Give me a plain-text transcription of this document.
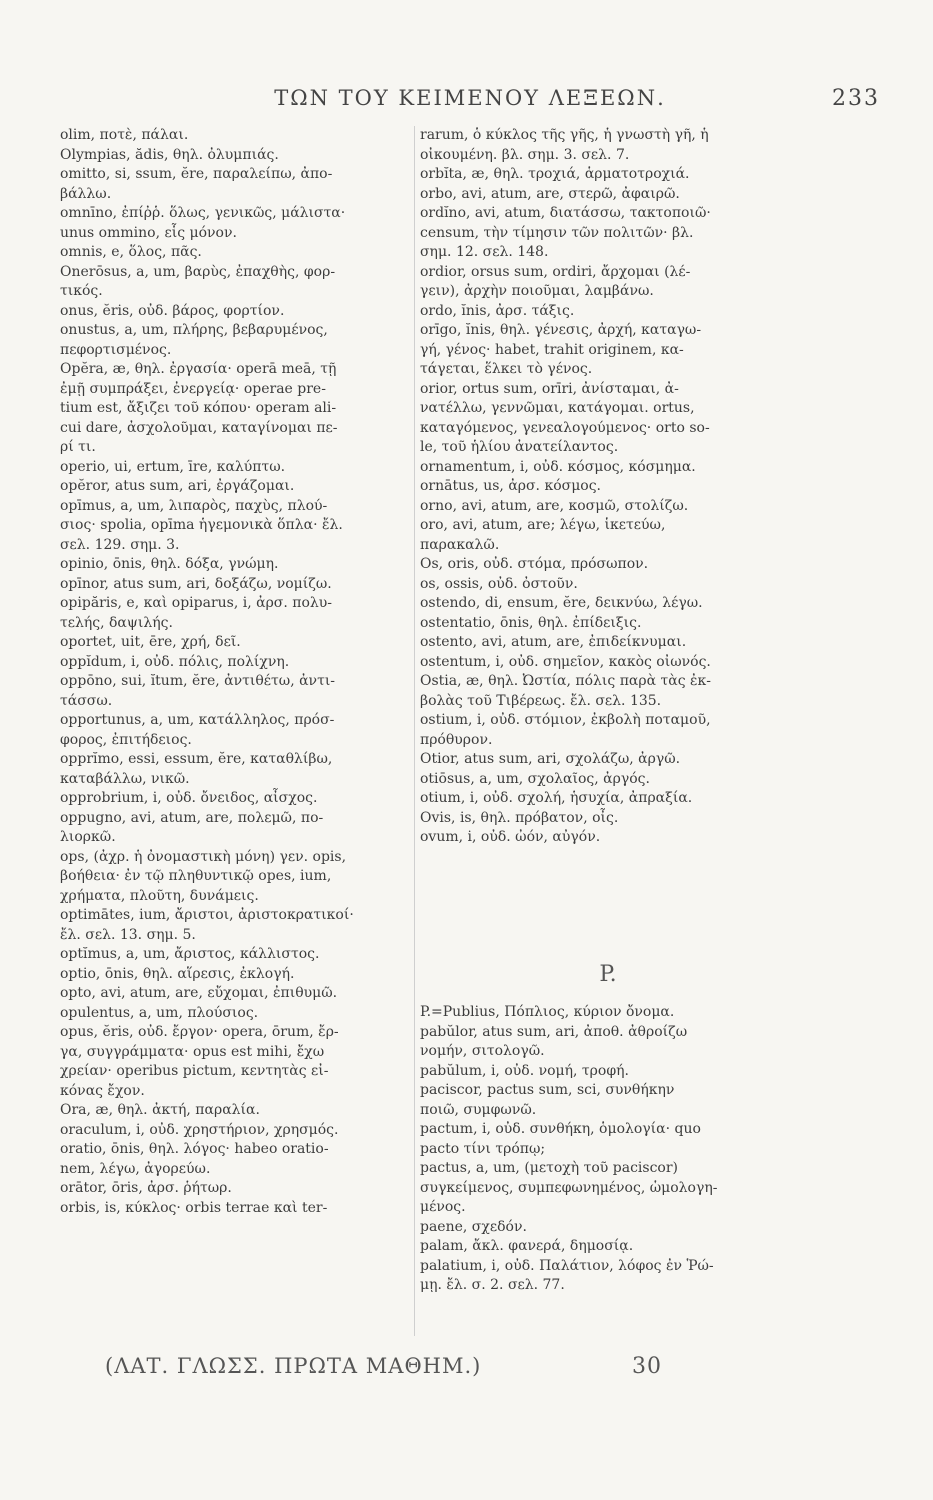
ΤΩΝ ΤΟΥ ΚΕΙΜΕΝΟΥ ΛΕΞΕΩΝ.	233
olim, ποτὲ, πάλαι.
Olympias, ădis, θηλ. ὀλυμπιάς.
omitto, si, ssum, ĕre, παραλείπω, ἀπο-
βάλλω.
omnīno, ἐπίῤῥ. ὅλως, γενικῶς, μάλιστα·
unus ommino, εἷς μόνον.
omnis, e, ὅλος, πᾶς.
Onerōsus, a, um, βαρὺς, ἐπαχθὴς, φορ-
τικός.
onus, ĕris, οὐδ. βάρος, φορτίον.
onustus, a, um, πλήρης, βεβαρυμένος,
πεφορτισμένος.
Opĕra, æ, θηλ. ἐργασία· operā meā, τῇ
ἐμῇ συμπράξει, ἐνεργείᾳ· operae pre-
tium est, ἄξιζει τοῦ κόπου· operam ali-
cui dare, ἀσχολοῦμαι, καταγίνομαι πε-
ρί τι.
operio, ui, ertum, īre, καλύπτω.
opĕror, atus sum, ari, ἐργάζομαι.
opīmus, a, um, λιπαρὸς, παχὺς, πλού-
σιος· spolia, opīma ἡγεμονικὰ ὅπλα· ἔλ.
σελ. 129. σημ. 3.
opinio, ōnis, θηλ. δόξα, γνώμη.
opīnor, atus sum, ari, δοξάζω, νομίζω.
opipăris, e, καὶ opiparus, i, ἀρσ. πολυ-
τελής, δαψιλής.
oportet, uit, ēre, χρή, δεῖ.
oppĭdum, i, οὐδ. πόλις, πολίχνη.
oppōno, sui, ĭtum, ĕre, ἀντιθέτω, ἀντι-
τάσσω.
opportunus, a, um, κατάλληλος, πρόσ-
φορος, ἐπιτήδειος.
opprĭmo, essi, essum, ĕre, καταθλίβω,
καταβάλλω, νικῶ.
opprobrium, i, οὐδ. ὄνειδος, αἶσχος.
oppugno, avi, atum, are, πολεμῶ, πο-
λιορκῶ.
ops, (ἀχρ. ἡ ὀνομαστικὴ μόνη) γεν. opis,
βοήθεια· ἐν τῷ πληθυντικῷ opes, ium,
χρήματα, πλοῦτη, δυνάμεις.
optimātes, ium, ἄριστοι, ἀριστοκρατικοί·
ἔλ. σελ. 13. σημ. 5.
optĭmus, a, um, ἄριστος, κάλλιστος.
optio, ōnis, θηλ. αἵρεσις, ἐκλογή.
opto, avi, atum, are, εὔχομαι, ἐπιθυμῶ.
opulentus, a, um, πλούσιος.
opus, ĕris, οὐδ. ἔργον· opera, ōrum, ἔρ-
γα, συγγράμματα· opus est mihi, ἔχω
χρείαν· operibus pictum, κεντητὰς εἰ-
κόνας ἔχον.
Ora, æ, θηλ. ἀκτή, παραλία.
oraculum, i, οὐδ. χρηστήριον, χρησμός.
oratio, ōnis, θηλ. λόγος· habeo oratio-
nem, λέγω, ἀγορεύω.
orātor, ōris, ἀρσ. ῥήτωρ.
orbis, is, κύκλος· orbis terrae καὶ ter-
rarum, ὁ κύκλος τῆς γῆς, ἡ γνωστὴ γῆ, ἡ
οἰκουμένη. βλ. σημ. 3. σελ. 7.
orbĭta, æ, θηλ. τροχιά, ἁρματοτροχιά.
orbo, avi, atum, are, στερῶ, ἀφαιρῶ.
ordĭno, avi, atum, διατάσσω, τακτοποιῶ·
censum, τὴν τίμησιν τῶν πολιτῶν· βλ.
σημ. 12. σελ. 148.
ordior, orsus sum, ordiri, ἄρχομαι (λέ-
γειν), ἀρχὴν ποιοῦμαι, λαμβάνω.
ordo, ĭnis, ἀρσ. τάξις.
orīgo, ĭnis, θηλ. γένεσις, ἀρχή, καταγω-
γή, γένος· habet, trahit originem, κα-
τάγεται, ἕλκει τὸ γένος.
orior, ortus sum, orīri, ἀνίσταμαι, ἀ-
νατέλλω, γεννῶμαι, κατάγομαι. ortus,
καταγόμενος, γενεαλογούμενος· orto so-
le, τοῦ ἡλίου ἀνατείλαντος.
ornamentum, i, οὐδ. κόσμος, κόσμημα.
ornātus, us, ἀρσ. κόσμος.
orno, avi, atum, are, κοσμῶ, στολίζω.
oro, avi, atum, are; λέγω, ἱκετεύω,
παρακαλῶ.
Os, oris, οὐδ. στόμα, πρόσωπον.
os, ossis, οὐδ. ὀστοῦν.
ostendo, di, ensum, ĕre, δεικνύω, λέγω.
ostentatio, ōnis, θηλ. ἐπίδειξις.
ostento, avi, atum, are, ἐπιδείκνυμαι.
ostentum, i, οὐδ. σημεῖον, κακὸς οἰωνός.
Ostia, æ, θηλ. Ὠστία, πόλις παρὰ τὰς ἐκ-
βολὰς τοῦ Τιβέρεως. ἔλ. σελ. 135.
ostium, i, οὐδ. στόμιον, ἐκβολὴ ποταμοῦ,
πρόθυρον.
Otior, atus sum, ari, σχολάζω, ἀργῶ.
otiōsus, a, um, σχολαῖος, ἀργός.
otium, i, οὐδ. σχολή, ἡσυχία, ἀπραξία.
Ovis, is, θηλ. πρόβατον, οἶς.
ovum, i, οὐδ. ὠόν, αὐγόν.
P.
P.=Publius, Πόπλιος, κύριον ὄνομα.
pabŭlor, atus sum, ari, ἀποθ. ἀθροίζω
νομήν, σιτολογῶ.
pabŭlum, i, οὐδ. νομή, τροφή.
paciscor, pactus sum, sci, συνθήκην
ποιῶ, συμφωνῶ.
pactum, i, οὐδ. συνθήκη, ὁμολογία· quo
pacto τίνι τρόπῳ;
pactus, a, um, (μετοχὴ τοῦ paciscor)
συγκείμενος, συμπεφωνημένος, ὡμολογη-
μένος.
paene, σχεδόν.
palam, ἄκλ. φανερά, δημοσίᾳ.
palatium, i, οὐδ. Παλάτιον, λόφος ἐν Ῥώ-
μῃ. ἔλ. σ. 2. σελ. 77.
(ΛΑΤ. ΓΛΩΣΣ. ΠΡΩΤΑ ΜΑΘΗΜ.)	30
